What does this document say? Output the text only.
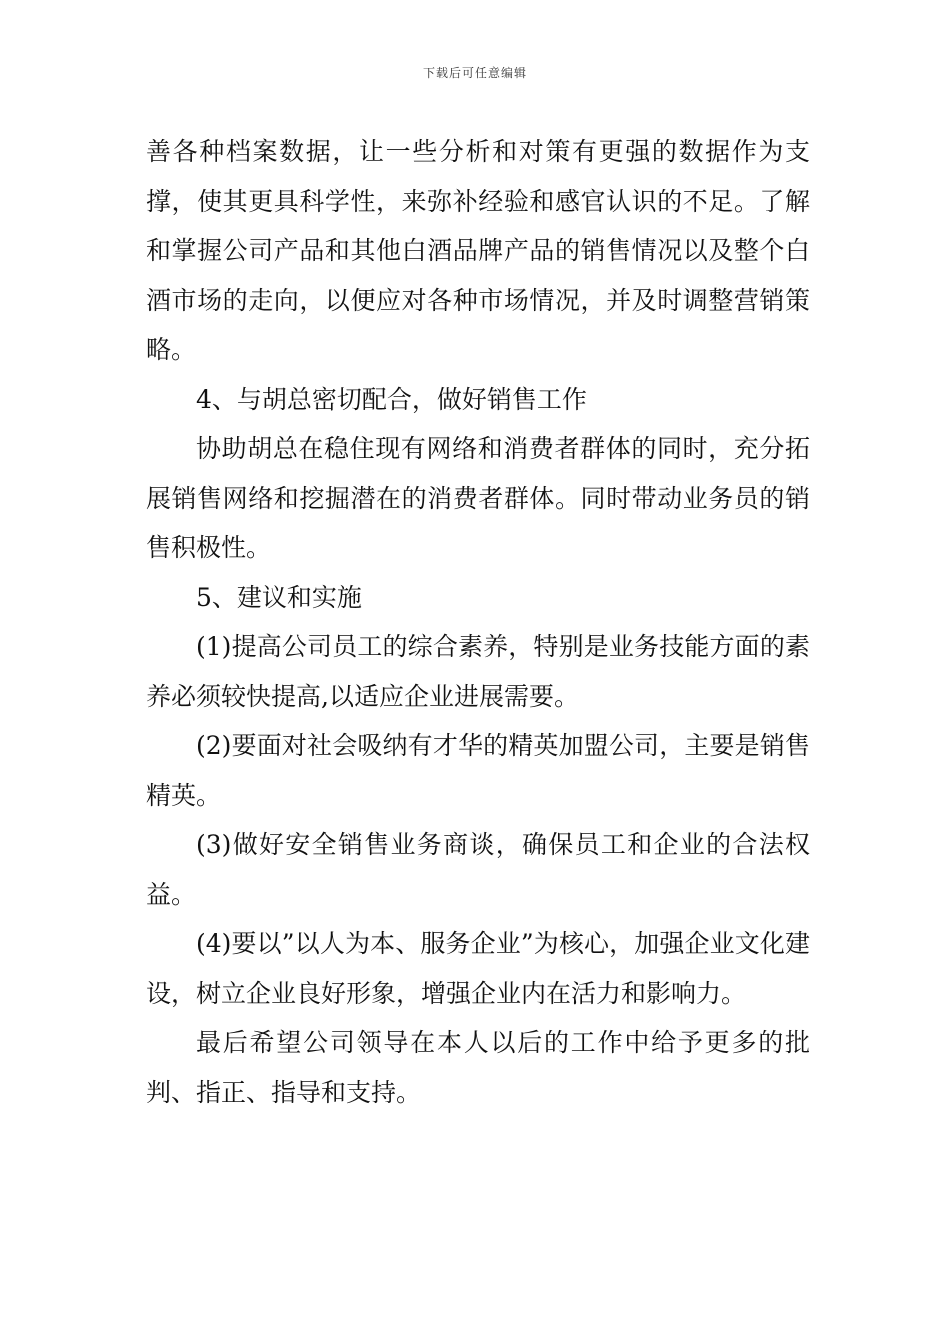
下载后可任意编辑

善各种档案数据，让一些分析和对策有更强的数据作为支撑，使其更具科学性，来弥补经验和感官认识的不足。了解和掌握公司产品和其他白酒品牌产品的销售情况以及整个白酒市场的走向，以便应对各种市场情况，并及时调整营销策略。

4、与胡总密切配合，做好销售工作

协助胡总在稳住现有网络和消费者群体的同时，充分拓展销售网络和挖掘潜在的消费者群体。同时带动业务员的销售积极性。

5、建议和实施

(1)提高公司员工的综合素养，特别是业务技能方面的素养必须较快提高,以适应企业进展需要。

(2)要面对社会吸纳有才华的精英加盟公司，主要是销售精英。

(3)做好安全销售业务商谈，确保员工和企业的合法权益。

(4)要以”以人为本、服务企业”为核心，加强企业文化建设，树立企业良好形象，增强企业内在活力和影响力。

最后希望公司领导在本人以后的工作中给予更多的批判、指正、指导和支持。
